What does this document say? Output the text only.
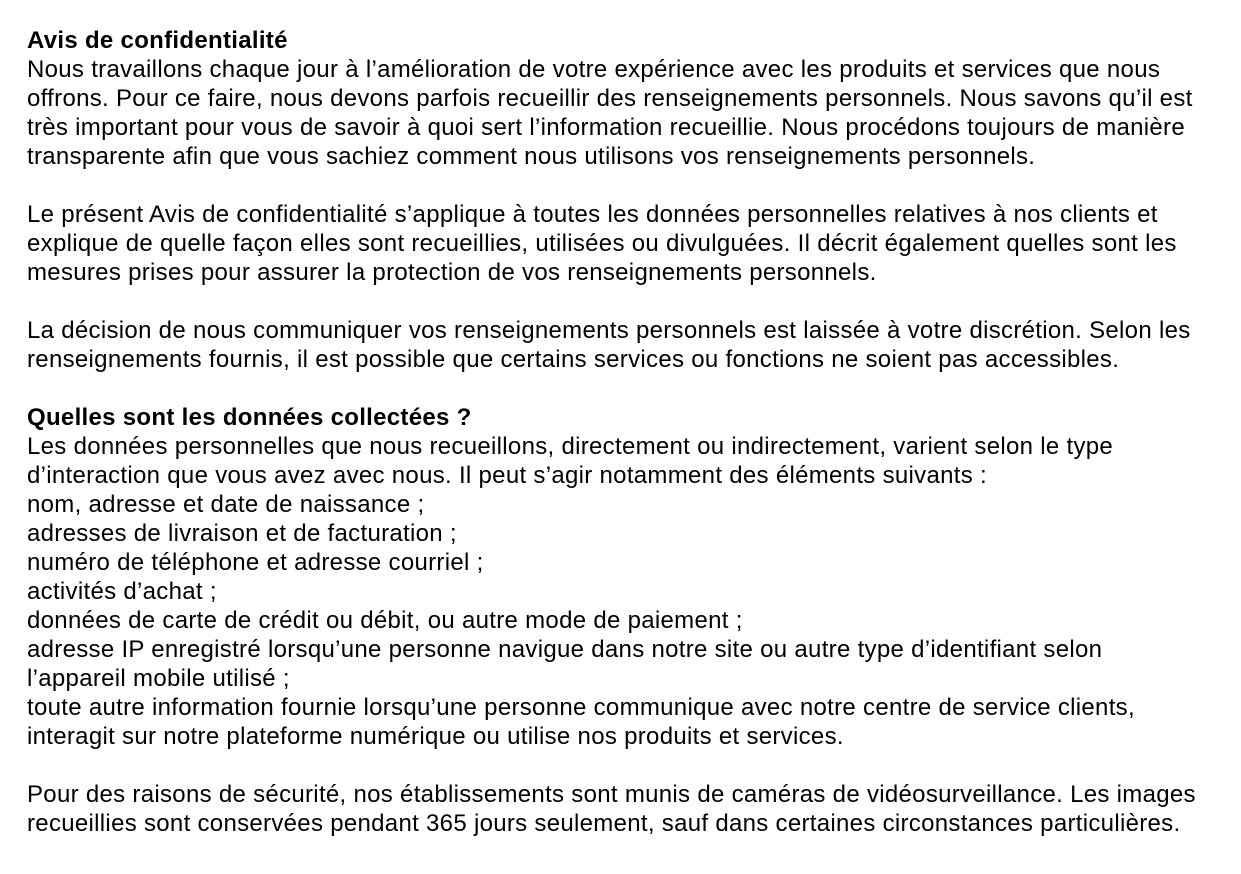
Avis de confidentialité
Nous travaillons chaque jour à l’amélioration de votre expérience avec les produits et services que nous
offrons. Pour ce faire, nous devons parfois recueillir des renseignements personnels. Nous savons qu’il est
très important pour vous de savoir à quoi sert l’information recueillie. Nous procédons toujours de manière
transparente afin que vous sachiez comment nous utilisons vos renseignements personnels.
Le présent Avis de confidentialité s’applique à toutes les données personnelles relatives à nos clients et
explique de quelle façon elles sont recueillies, utilisées ou divulguées. Il décrit également quelles sont les
mesures prises pour assurer la protection de vos renseignements personnels.
La décision de nous communiquer vos renseignements personnels est laissée à votre discrétion. Selon les
renseignements fournis, il est possible que certains services ou fonctions ne soient pas accessibles.
Quelles sont les données collectées ?
Les données personnelles que nous recueillons, directement ou indirectement, varient selon le type
d’interaction que vous avez avec nous. Il peut s’agir notamment des éléments suivants :
nom, adresse et date de naissance ;
adresses de livraison et de facturation ;
numéro de téléphone et adresse courriel ;
activités d’achat ;
données de carte de crédit ou débit, ou autre mode de paiement ;
adresse IP enregistré lorsqu’une personne navigue dans notre site ou autre type d’identifiant selon
l’appareil mobile utilisé ;
toute autre information fournie lorsqu’une personne communique avec notre centre de service clients,
interagit sur notre plateforme numérique ou utilise nos produits et services.
Pour des raisons de sécurité, nos établissements sont munis de caméras de vidéosurveillance. Les images
recueillies sont conservées pendant 365 jours seulement, sauf dans certaines circonstances particulières.
